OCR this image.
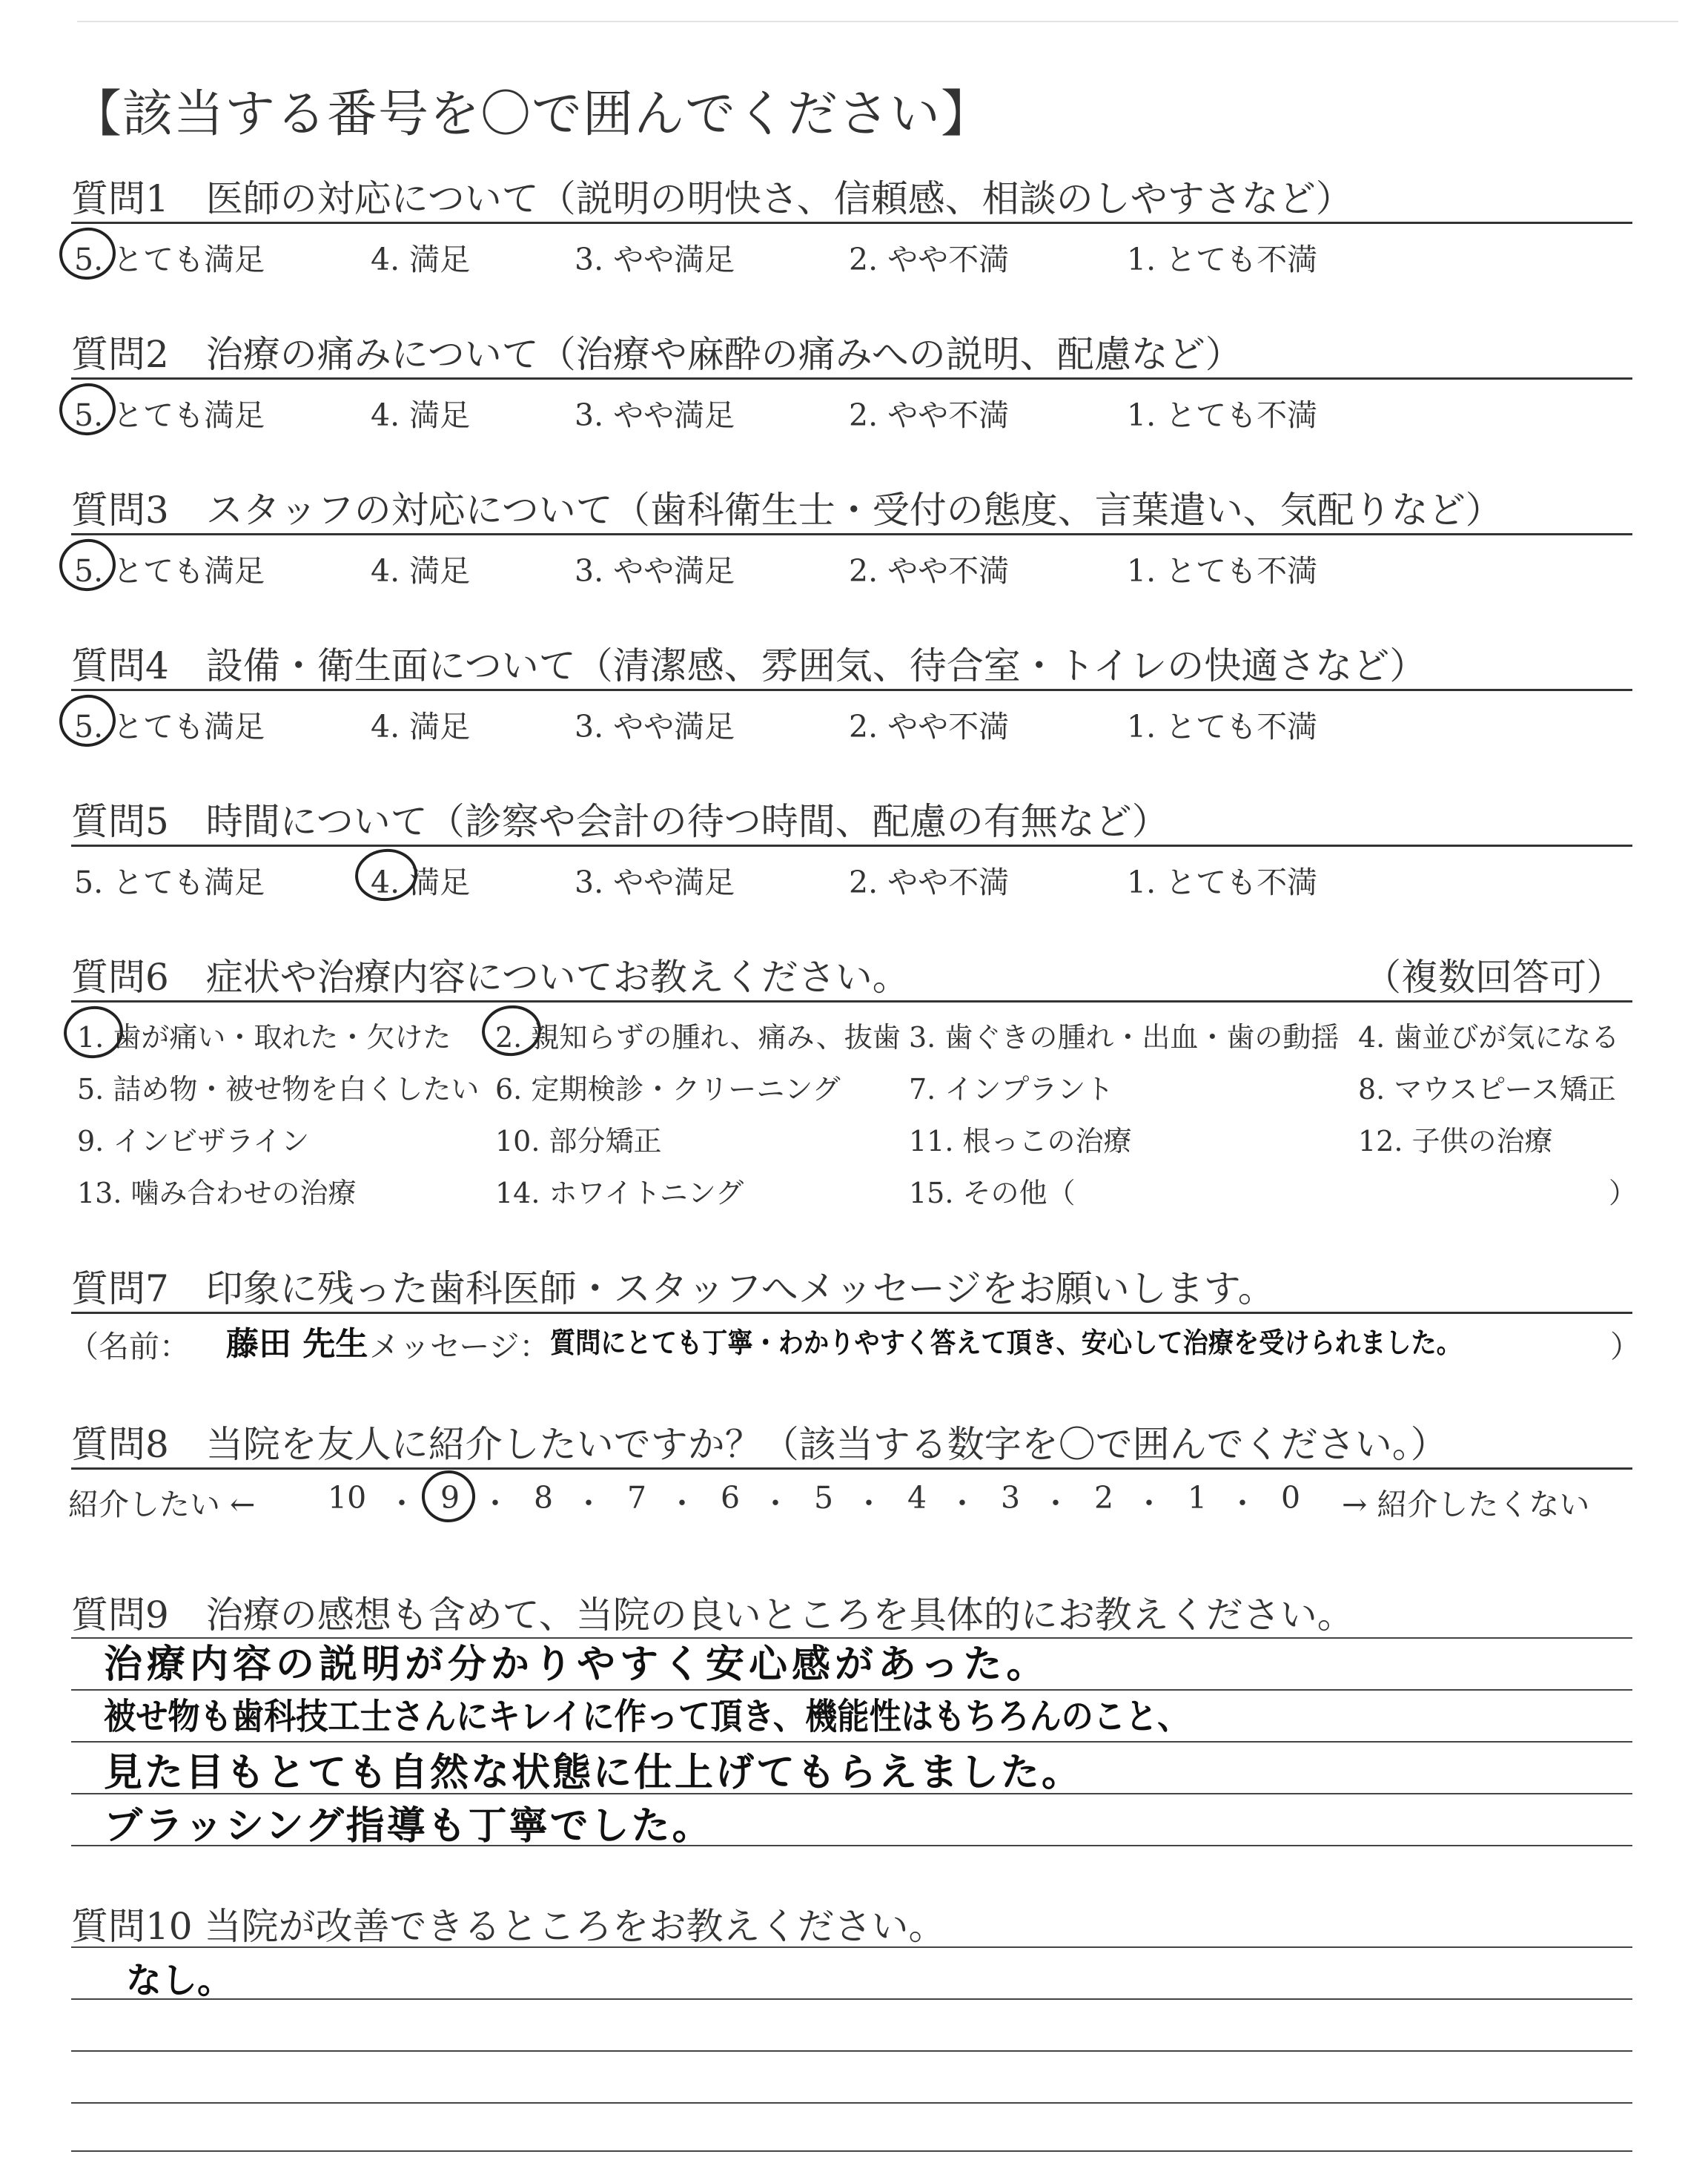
【該当する番号を〇で囲んでください】
質問1　医師の対応について（説明の明快さ、信頼感、相談のしやすさなど）
5. とても満足	4. 満足	3. やや満足	2. やや不満	1. とても不満
質問2　治療の痛みについて（治療や麻酔の痛みへの説明、配慮など）
5. とても満足	4. 満足	3. やや満足	2. やや不満	1. とても不満
質問3　スタッフの対応について（歯科衛生士・受付の態度、言葉遣い、気配りなど）
5. とても満足	4. 満足	3. やや満足	2. やや不満	1. とても不満
質問4　設備・衛生面について（清潔感、雰囲気、待合室・トイレの快適さなど）
5. とても満足	4. 満足	3. やや満足	2. やや不満	1. とても不満
質問5　時間について（診察や会計の待つ時間、配慮の有無など）
5. とても満足	4. 満足	3. やや満足	2. やや不満	1. とても不満
質問6　症状や治療内容についてお教えください。	（複数回答可）
1. 歯が痛い・取れた・欠けた 2. 親知らずの腫れ、痛み、抜歯 3. 歯ぐきの腫れ・出血・歯の動揺 4. 歯並びが気になる
5. 詰め物・被せ物を白くしたい 6. 定期検診・クリーニング 7. インプラント	8. マウスピース矯正
9. インビザライン	10. 部分矯正	11. 根っこの治療	12. 子供の治療
13. 噛み合わせの治療	14. ホワイトニング	15. その他（	）
質問7　印象に残った歯科医師・スタッフへメッセージをお願いします。
（名前： 藤田 先生 メッセージ： 質問にとても丁寧・わかりやすく答えて頂き、安心して治療を受けられました。	）
質問8　当院を友人に紹介したいですか？（該当する数字を〇で囲んでください。）
紹介したい ← 10 ・ 9 ・ 8 ・ 7 ・ 6 ・ 5 ・ 4 ・ 3 ・ 2 ・ 1 ・ 0 → 紹介したくない
質問9　治療の感想も含めて、当院の良いところを具体的にお教えください。
治療内容の説明が分かりやすく安心感があった。
被せ物も歯科技工士さんにキレイに作って頂き、機能性はもちろんのこと、
見た目もとても自然な状態に仕上げてもらえました。
ブラッシング指導も丁寧でした。
質問10 当院が改善できるところをお教えください。
なし。
